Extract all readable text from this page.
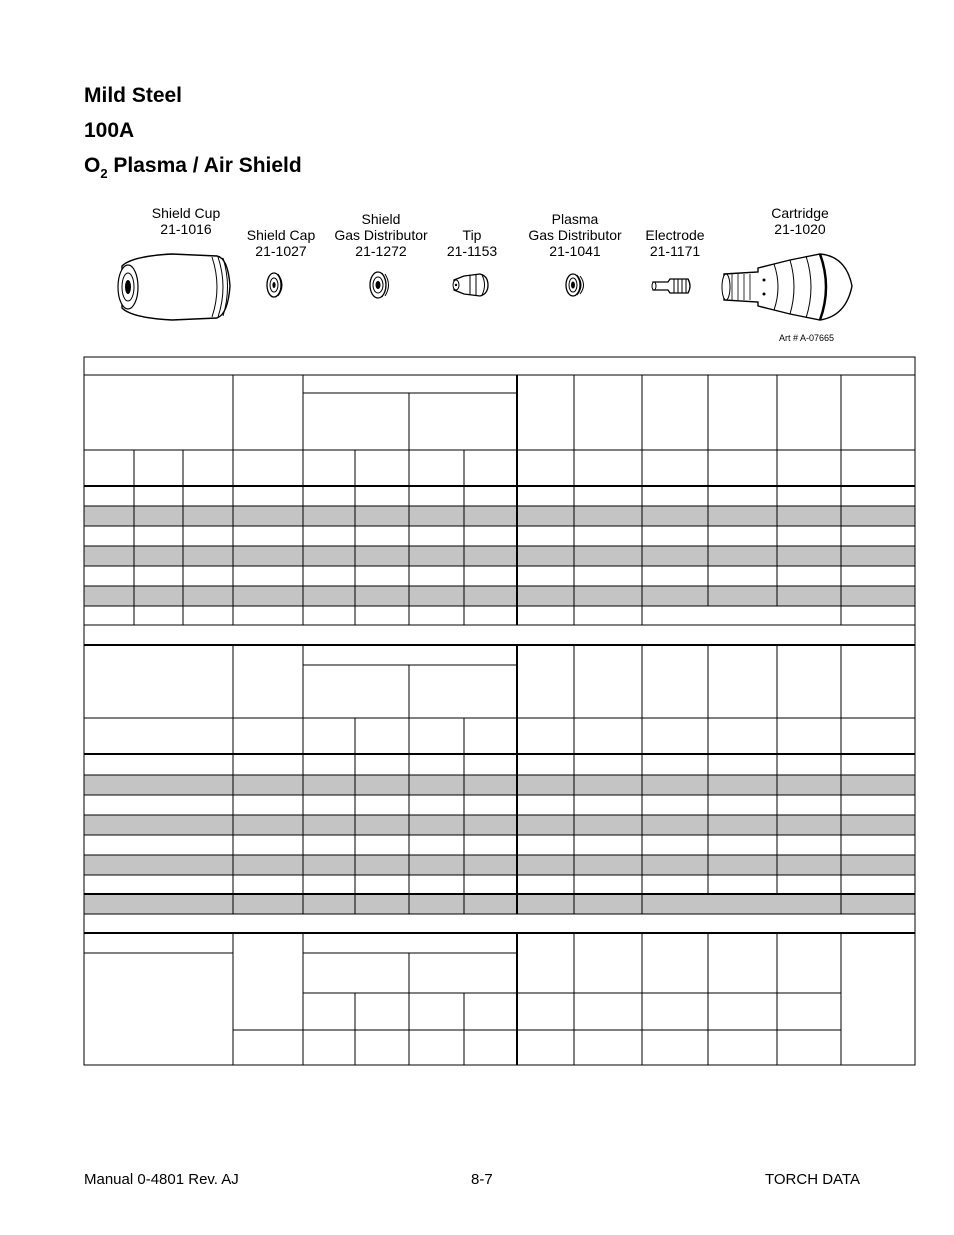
Mild Steel
100A
$O_2$ Plasma / Air Shield
Shield Cup
21-1016	Shield Cap
21-1027
Shield
Gas Distributor
21-1272
Tip
21-1153
Plasma
Gas Distributor
21-1041
Electrode
21-1171
Cartridge
21-1020
Art # A-07665
Manual 0-4801 Rev. AJ	8-7	TORCH DATA
